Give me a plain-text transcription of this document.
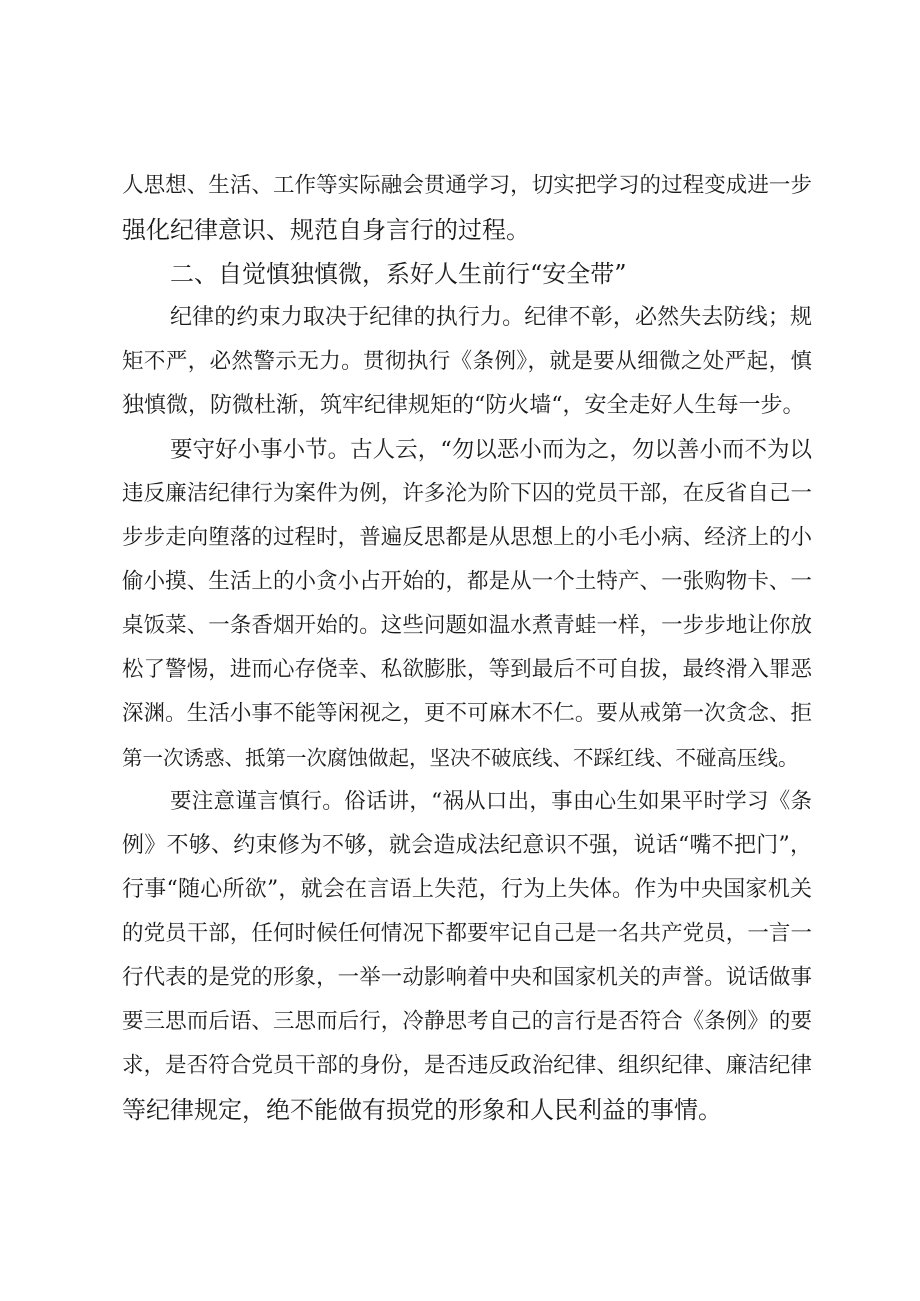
人思想、生活、工作等实际融会贯通学习，切实把学习的过程变成进一步
强化纪律意识、规范自身言行的过程。
二、自觉慎独慎微，系好人生前行“安全带”
纪律的约束力取决于纪律的执行力。纪律不彰，必然失去防线；规
矩不严，必然警示无力。贯彻执行《条例》，就是要从细微之处严起，慎
独慎微，防微杜渐，筑牢纪律规矩的“防火墙“，安全走好人生每一步。
要守好小事小节。古人云，“勿以恶小而为之，勿以善小而不为以
违反廉洁纪律行为案件为例，许多沦为阶下囚的党员干部，在反省自己一
步步走向堕落的过程时，普遍反思都是从思想上的小毛小病、经济上的小
偷小摸、生活上的小贪小占开始的，都是从一个土特产、一张购物卡、一
桌饭菜、一条香烟开始的。这些问题如温水煮青蛙一样，一步步地让你放
松了警惕，进而心存侥幸、私欲膨胀，等到最后不可自拔，最终滑入罪恶
深渊。生活小事不能等闲视之，更不可麻木不仁。要从戒第一次贪念、拒
第一次诱惑、抵第一次腐蚀做起，坚决不破底线、不踩红线、不碰高压线。
要注意谨言慎行。俗话讲，“祸从口出，事由心生如果平时学习《条
例》不够、约束修为不够，就会造成法纪意识不强，说话“嘴不把门”，
行事“随心所欲”，就会在言语上失范，行为上失体。作为中央国家机关
的党员干部，任何时候任何情况下都要牢记自己是一名共产党员，一言一
行代表的是党的形象，一举一动影响着中央和国家机关的声誉。说话做事
要三思而后语、三思而后行，冷静思考自己的言行是否符合《条例》的要
求，是否符合党员干部的身份，是否违反政治纪律、组织纪律、廉洁纪律
等纪律规定，绝不能做有损党的形象和人民利益的事情。
